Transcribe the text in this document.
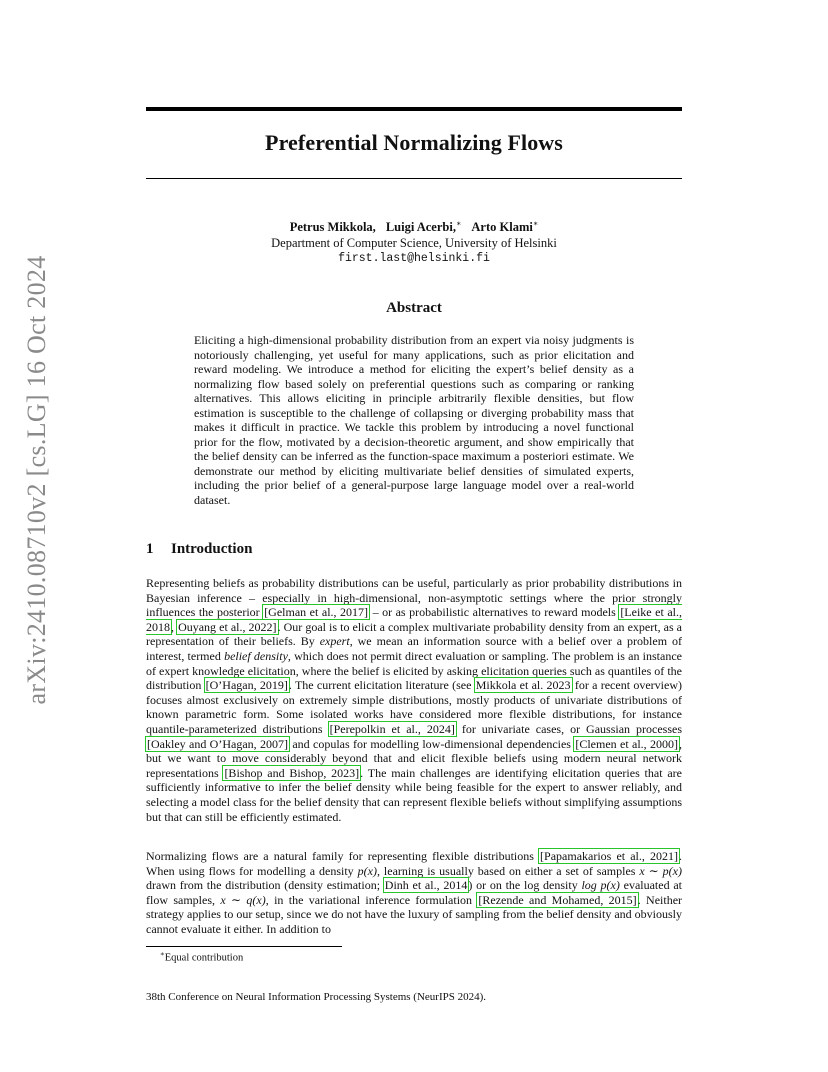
arXiv:2410.08710v2 [cs.LG] 16 Oct 2024
Preferential Normalizing Flows
Petrus Mikkola, Luigi Acerbi,∗ Arto Klami∗
Department of Computer Science, University of Helsinki
first.last@helsinki.fi
Abstract
Eliciting a high-dimensional probability distribution from an expert via noisy judgments is notoriously challenging, yet useful for many applications, such as prior elicitation and reward modeling. We introduce a method for eliciting the expert’s belief density as a normalizing flow based solely on preferential questions such as comparing or ranking alternatives. This allows eliciting in principle arbitrarily flexible densities, but flow estimation is susceptible to the challenge of collapsing or diverging probability mass that makes it difficult in practice. We tackle this problem by introducing a novel functional prior for the flow, motivated by a decision-theoretic argument, and show empirically that the belief density can be inferred as the function-space maximum a posteriori estimate. We demonstrate our method by eliciting multivariate belief densities of simulated experts, including the prior belief of a general-purpose large language model over a real-world dataset.
1 Introduction
Representing beliefs as probability distributions can be useful, particularly as prior probability distributions in Bayesian inference – especially in high-dimensional, non-asymptotic settings where the prior strongly influences the posterior [Gelman et al., 2017] – or as probabilistic alternatives to reward models [Leike et al., 2018, Ouyang et al., 2022]. Our goal is to elicit a complex multivariate probability density from an expert, as a representation of their beliefs. By expert, we mean an information source with a belief over a problem of interest, termed belief density, which does not permit direct evaluation or sampling. The problem is an instance of expert knowledge elicitation, where the belief is elicited by asking elicitation queries such as quantiles of the distribution [O’Hagan, 2019]. The current elicitation literature (see Mikkola et al. 2023 for a recent overview) focuses almost exclusively on extremely simple distributions, mostly products of univariate distributions of known parametric form. Some isolated works have considered more flexible distributions, for instance quantile-parameterized distributions [Perepolkin et al., 2024] for univariate cases, or Gaussian processes [Oakley and O’Hagan, 2007] and copulas for modelling low-dimensional dependencies [Clemen et al., 2000], but we want to move considerably beyond that and elicit flexible beliefs using modern neural network representations [Bishop and Bishop, 2023]. The main challenges are identifying elicitation queries that are sufficiently informative to infer the belief density while being feasible for the expert to answer reliably, and selecting a model class for the belief density that can represent flexible beliefs without simplifying assumptions but that can still be efficiently estimated.
Normalizing flows are a natural family for representing flexible distributions [Papamakarios et al., 2021]. When using flows for modelling a density p(x), learning is usually based on either a set of samples x ∼ p(x) drawn from the distribution (density estimation; Dinh et al., 2014) or on the log density log p(x) evaluated at flow samples, x ∼ q(x), in the variational inference formulation [Rezende and Mohamed, 2015]. Neither strategy applies to our setup, since we do not have the luxury of sampling from the belief density and obviously cannot evaluate it either. In addition to
∗Equal contribution
38th Conference on Neural Information Processing Systems (NeurIPS 2024).
